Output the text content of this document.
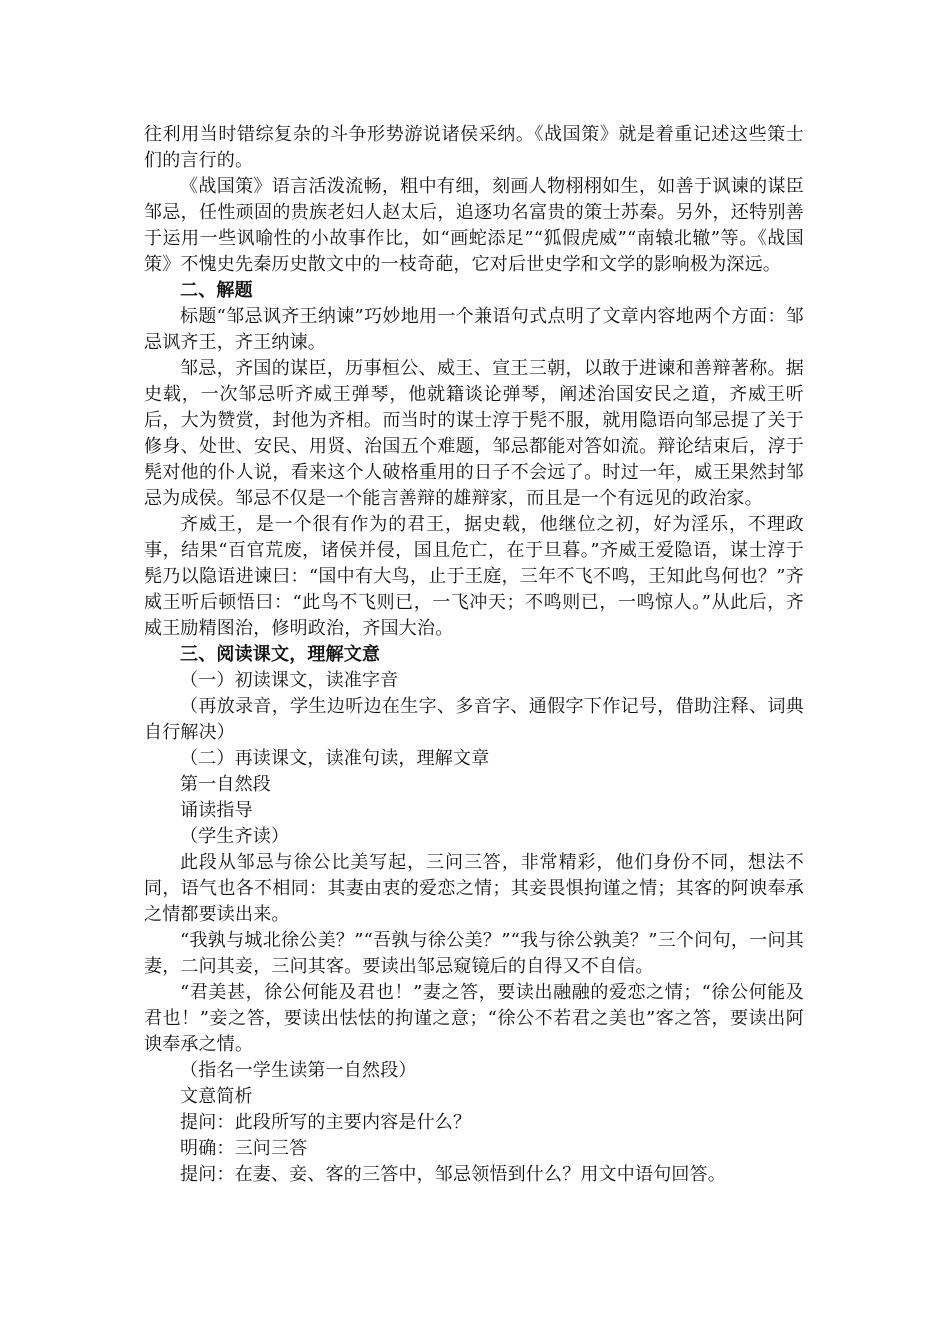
往利用当时错综复杂的斗争形势游说诸侯采纳。《战国策》就是着重记述这些策士们的言行的。

《战国策》语言活泼流畅，粗中有细，刻画人物栩栩如生，如善于讽谏的谋臣邹忌，任性顽固的贵族老妇人赵太后，追逐功名富贵的策士苏秦。另外，还特别善于运用一些讽喻性的小故事作比，如“画蛇添足”“狐假虎威”“南辕北辙”等。《战国策》不愧史先秦历史散文中的一枝奇葩，它对后世史学和文学的影响极为深远。

二、解题

标题“邹忌讽齐王纳谏”巧妙地用一个兼语句式点明了文章内容地两个方面：邹忌讽齐王，齐王纳谏。

邹忌，齐国的谋臣，历事桓公、威王、宣王三朝，以敢于进谏和善辩著称。据史载，一次邹忌听齐威王弹琴，他就籍谈论弹琴，阐述治国安民之道，齐威王听后，大为赞赏，封他为齐相。而当时的谋士淳于髡不服，就用隐语向邹忌提了关于修身、处世、安民、用贤、治国五个难题，邹忌都能对答如流。辩论结束后，淳于髡对他的仆人说，看来这个人破格重用的日子不会远了。时过一年，威王果然封邹忌为成侯。邹忌不仅是一个能言善辩的雄辩家，而且是一个有远见的政治家。

齐威王，是一个很有作为的君王，据史载，他继位之初，好为淫乐，不理政事，结果“百官荒废，诸侯并侵，国且危亡，在于旦暮。”齐威王爱隐语，谋士淳于髡乃以隐语进谏曰：“国中有大鸟，止于王庭，三年不飞不鸣，王知此鸟何也？”齐威王听后顿悟曰：“此鸟不飞则已，一飞冲天；不鸣则已，一鸣惊人。”从此后，齐威王励精图治，修明政治，齐国大治。

三、阅读课文，理解文意

（一）初读课文，读准字音

（再放录音，学生边听边在生字、多音字、通假字下作记号，借助注释、词典自行解决）

（二）再读课文，读准句读，理解文章

第一自然段

诵读指导

（学生齐读）

此段从邹忌与徐公比美写起，三问三答，非常精彩，他们身份不同，想法不同，语气也各不相同：其妻由衷的爱恋之情；其妾畏惧拘谨之情；其客的阿谀奉承之情都要读出来。

“我孰与城北徐公美？”“吾孰与徐公美？”“我与徐公孰美？”三个问句，一问其妻，二问其妾，三问其客。要读出邹忌窥镜后的自得又不自信。

“君美甚，徐公何能及君也！”妻之答，要读出融融的爱恋之情；“徐公何能及君也！”妾之答，要读出怯怯的拘谨之意；“徐公不若君之美也”客之答，要读出阿谀奉承之情。

（指名一学生读第一自然段）

文意简析

提问：此段所写的主要内容是什么？

明确：三问三答

提问：在妻、妾、客的三答中，邹忌领悟到什么？用文中语句回答。
